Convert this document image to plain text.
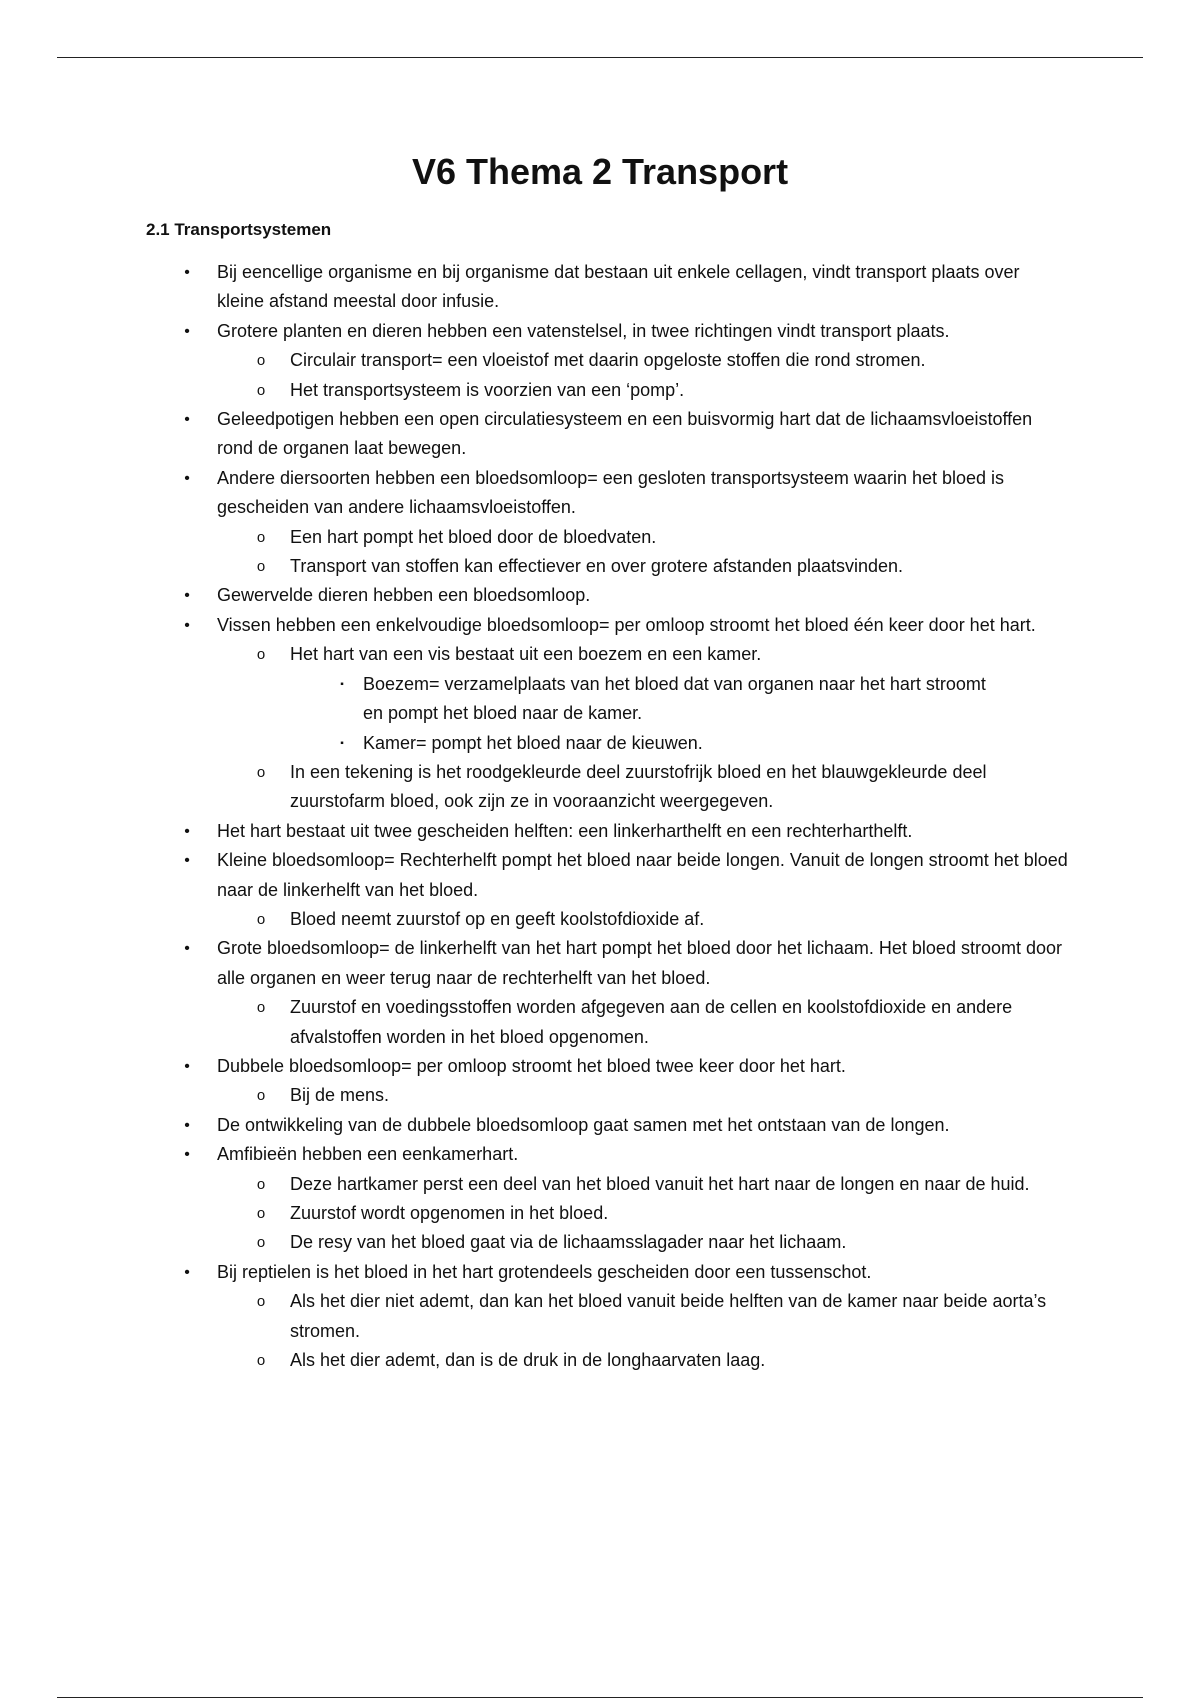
V6 Thema 2 Transport
2.1 Transportsystemen
• Bij eencellige organisme en bij organisme dat bestaan uit enkele cellagen, vindt transport plaats over kleine afstand meestal door infusie.
• Grotere planten en dieren hebben een vatenstelsel, in twee richtingen vindt transport plaats.
o Circulair transport= een vloeistof met daarin opgeloste stoffen die rond stromen.
o Het transportsysteem is voorzien van een ‘pomp’.
• Geleedpotigen hebben een open circulatiesysteem en een buisvormig hart dat de lichaamsvloeistoffen rond de organen laat bewegen.
• Andere diersoorten hebben een bloedsomloop= een gesloten transportsysteem waarin het bloed is gescheiden van andere lichaamsvloeistoffen.
o Een hart pompt het bloed door de bloedvaten.
o Transport van stoffen kan effectiever en over grotere afstanden plaatsvinden.
• Gewervelde dieren hebben een bloedsomloop.
• Vissen hebben een enkelvoudige bloedsomloop= per omloop stroomt het bloed één keer door het hart.
o Het hart van een vis bestaat uit een boezem en een kamer.
▪ Boezem= verzamelplaats van het bloed dat van organen naar het hart stroomt en pompt het bloed naar de kamer.
▪ Kamer= pompt het bloed naar de kieuwen.
o In een tekening is het roodgekleurde deel zuurstofrijk bloed en het blauwgekleurde deel zuurstofarm bloed, ook zijn ze in vooraanzicht weergegeven.
• Het hart bestaat uit twee gescheiden helften: een linkerharthelft en een rechterharthelft.
• Kleine bloedsomloop= Rechterhelft pompt het bloed naar beide longen. Vanuit de longen stroomt het bloed naar de linkerhelft van het bloed.
o Bloed neemt zuurstof op en geeft koolstofdioxide af.
• Grote bloedsomloop= de linkerhelft van het hart pompt het bloed door het lichaam. Het bloed stroomt door alle organen en weer terug naar de rechterhelft van het bloed.
o Zuurstof en voedingsstoffen worden afgegeven aan de cellen en koolstofdioxide en andere afvalstoffen worden in het bloed opgenomen.
• Dubbele bloedsomloop= per omloop stroomt het bloed twee keer door het hart.
o Bij de mens.
• De ontwikkeling van de dubbele bloedsomloop gaat samen met het ontstaan van de longen.
• Amfibieën hebben een eenkamerhart.
o Deze hartkamer perst een deel van het bloed vanuit het hart naar de longen en naar de huid.
o Zuurstof wordt opgenomen in het bloed.
o De resy van het bloed gaat via de lichaamsslagader naar het lichaam.
• Bij reptielen is het bloed in het hart grotendeels gescheiden door een tussenschot.
o Als het dier niet ademt, dan kan het bloed vanuit beide helften van de kamer naar beide aorta’s stromen.
o Als het dier ademt, dan is de druk in de longhaarvaten laag.
